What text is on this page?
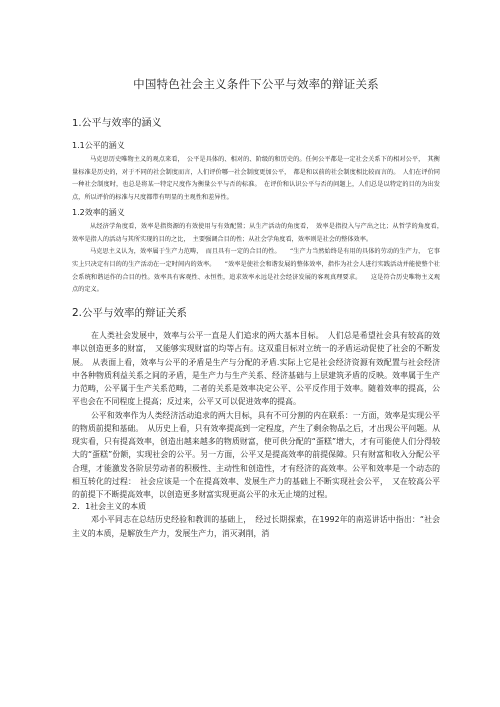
中国特色社会主义条件下公平与效率的辩证关系
1.公平与效率的涵义
1.1公平的涵义

马克思历史唯物主义的观点来看，　公平是具体的、相对的、阶级的和历史的。任何公平都是一定社会关系下的相对公平，　其衡量标准是历史的，对于不同的社会制度而言，人们评价哪一社会制度更加公平，　都是和以前的社会制度相比较而言的。　人们在评价同一种社会制度时，也总是将某一特定尺度作为衡量公平与否的标准。　在评价和认识公平与否的问题上，人们总是以特定的目的为出发点，所以评价的标准与尺度都带有明显的主观性和差异性。

1.2效率的涵义

从经济学角度看，效率是指资源的有效使用与有效配置；从生产活动的角度看，　效率是指投入与产出之比；从哲学的角度看，　效率是指人的活动与其所实现的目的之比，　主要强调合目的性；从社会学角度看，效率则是社会的整体效率。

马克思主义认为，效率属于生产力范畴，　而且具有一定的合目的性。　　“生产力当然始终是有用的具体的劳动的生产力，　它事实上只决定有目的的生产活动在一定时间内的效率。　　”效率是使社会和谐发展的整体效率，指作为社会人进行实践活动并能使整个社会系统和谐运作的合目的性。效率具有客观性、永恒性，追求效率永远是社会经济发展的客观真理要求。　　这是符合历史唯物主义观点的定义。

2.公平与效率的辩证关系

在人类社会发展中，效率与公平一直是人们追求的两大基本目标。　人们总是希望社会具有较高的效率以创造更多的财富，　又能够实现财富的均等占有。这双重目标对立统一的矛盾运动促使了社会的不断发展。　从表面上看，效率与公平的矛盾是生产与分配的矛盾.实际上它是社会经济资源有效配置与社会经济中各种物质利益关系之间的矛盾，是生产力与生产关系、经济基础与上层建筑矛盾的反映。效率属于生产力范畴，公平属于生产关系范畴，二者的关系是效率决定公平、公平反作用于效率。随着效率的提高，公平也会在不同程度上提高；反过来，公平又可以促进效率的提高。

公平和效率作为人类经济活动追求的两大目标，具有不可分割的内在联系：一方面，效率是实现公平的物质前提和基础。　从历史上看，只有效率提高到一定程度，产生了剩余物品之后，才出现公平问题。从现实看，只有提高效率，创造出越来越多的物质财富，使可供分配的“蛋糕”增大，才有可能使人们分得较大的“蛋糕”份额，实现社会的公平。另一方面，公平又是提高效率的前提保障。只有财富和收入分配公平合理，才能激发各阶层劳动者的积极性、主动性和创造性，才有经济的高效率。公平和效率是一个动态的相互转化的过程：　社会应该是一个在提高效率、发展生产力的基础上不断实现社会公平，　又在较高公平的前提下不断提高效率，以创造更多财富实现更高公平的永无止境的过程。

2．1社会主义的本质

邓小平同志在总结历史经验和教训的基础上，　经过长期探索，在1992年的南巡讲话中指出：“社会主义的本质，是解放生产力，发展生产力，消灭剥削，消
